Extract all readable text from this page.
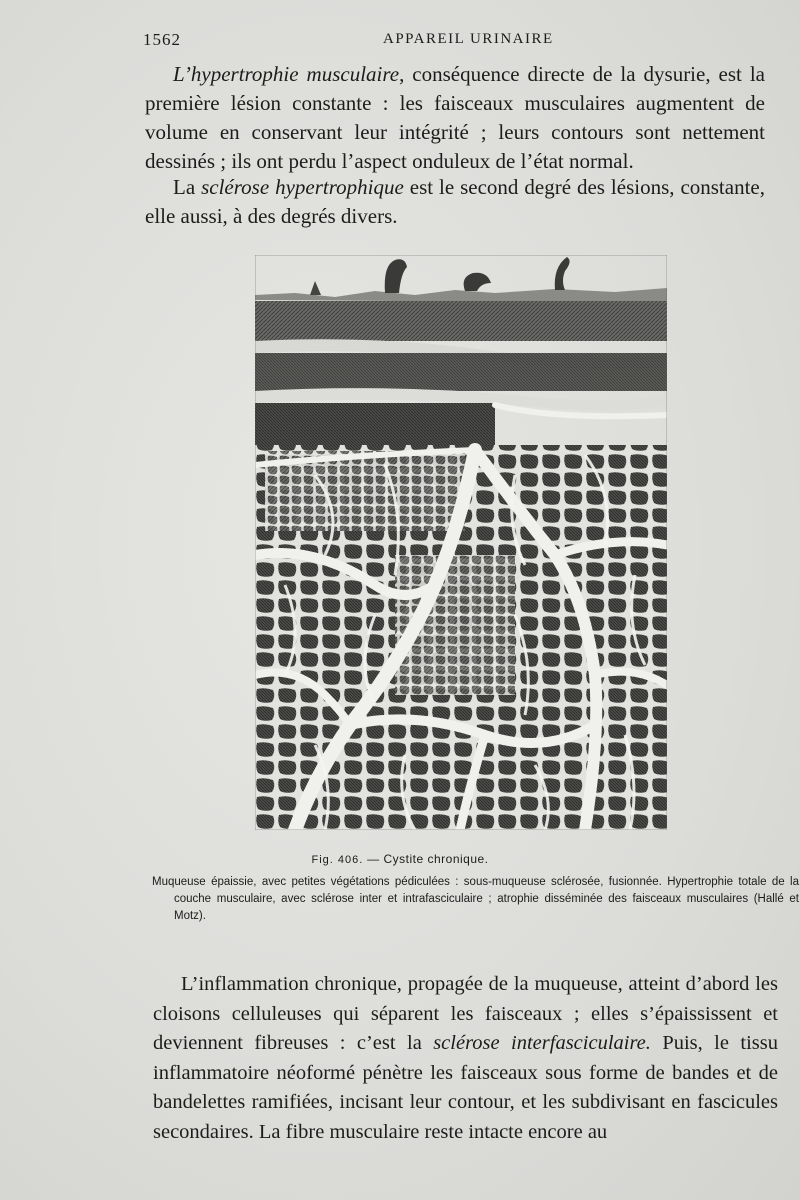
1562	APPAREIL URINAIRE

L’hypertrophie musculaire, conséquence directe de la dysurie, est la première lésion constante : les faisceaux musculaires augmentent de volume en conservant leur intégrité ; leurs contours sont nettement dessinés ; ils ont perdu l’aspect onduleux de l’état normal.

La sclérose hypertrophique est le second degré des lésions, constante, elle aussi, à des degrés divers.

Fig. 406. — Cystite chronique.

Muqueuse épaissie, avec petites végétations pédiculées : sous-muqueuse sclérosée, fusionnée. Hypertrophie totale de la couche musculaire, avec sclérose inter et intrafasciculaire ; atrophie disséminée des faisceaux musculaires (Hallé et Motz).

L’inflammation chronique, propagée de la muqueuse, atteint d’abord les cloisons celluleuses qui séparent les faisceaux ; elles s’épaississent et deviennent fibreuses : c’est la sclérose interfasciculaire. Puis, le tissu inflammatoire néoformé pénètre les faisceaux sous forme de bandes et de bandelettes ramifiées, incisant leur contour, et les subdivisant en fascicules secondaires. La fibre musculaire reste intacte encore au
